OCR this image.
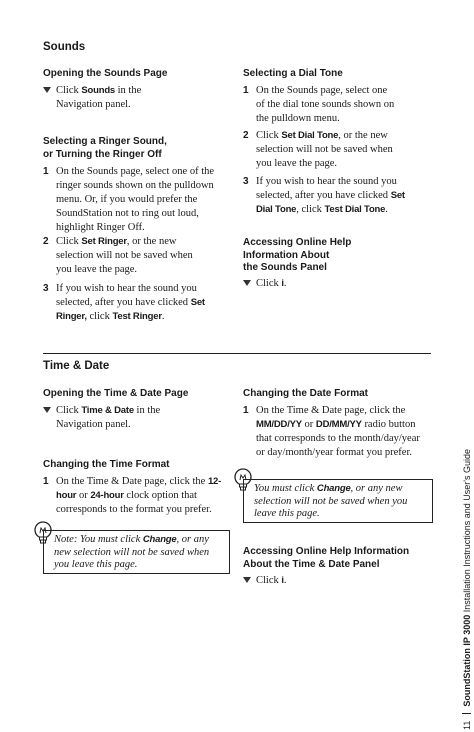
Sounds
Opening the Sounds Page
Click Sounds in the
Navigation panel.
Selecting a Ringer Sound,
or Turning the Ringer Off
1 On the Sounds page, select one of the ringer sounds shown on the pulldown menu. Or, if you would prefer the SoundStation not to ring out loud, highlight Ringer Off.
2 Click Set Ringer, or the new selection will not be saved when you leave the page.
3 If you wish to hear the sound you selected, after you have clicked Set Ringer, click Test Ringer.
Selecting a Dial Tone
1 On the Sounds page, select one of the dial tone sounds shown on the pulldown menu.
2 Click Set Dial Tone, or the new selection will not be saved when you leave the page.
3 If you wish to hear the sound you selected, after you have clicked Set Dial Tone, click Test Dial Tone.
Accessing Online Help
Information About
the Sounds Panel
Click i.
Time & Date
Opening the Time & Date Page
Click Time & Date in the
Navigation panel.
Changing the Time Format
1 On the Time & Date page, click the 12-hour or 24-hour clock option that corresponds to the format you prefer.
Note: You must click Change, or any new selection will not be saved when you leave this page.
Changing the Date Format
1 On the Time & Date page, click the MM/DD/YY or DD/MM/YY radio button that corresponds to the month/day/year or day/month/year format you prefer.
You must click Change, or any new selection will not be saved when you leave this page.
Accessing Online Help Information
About the Time & Date Panel
Click i.
11  SoundStation IP 3000 Installation Instructions and User's Guide
